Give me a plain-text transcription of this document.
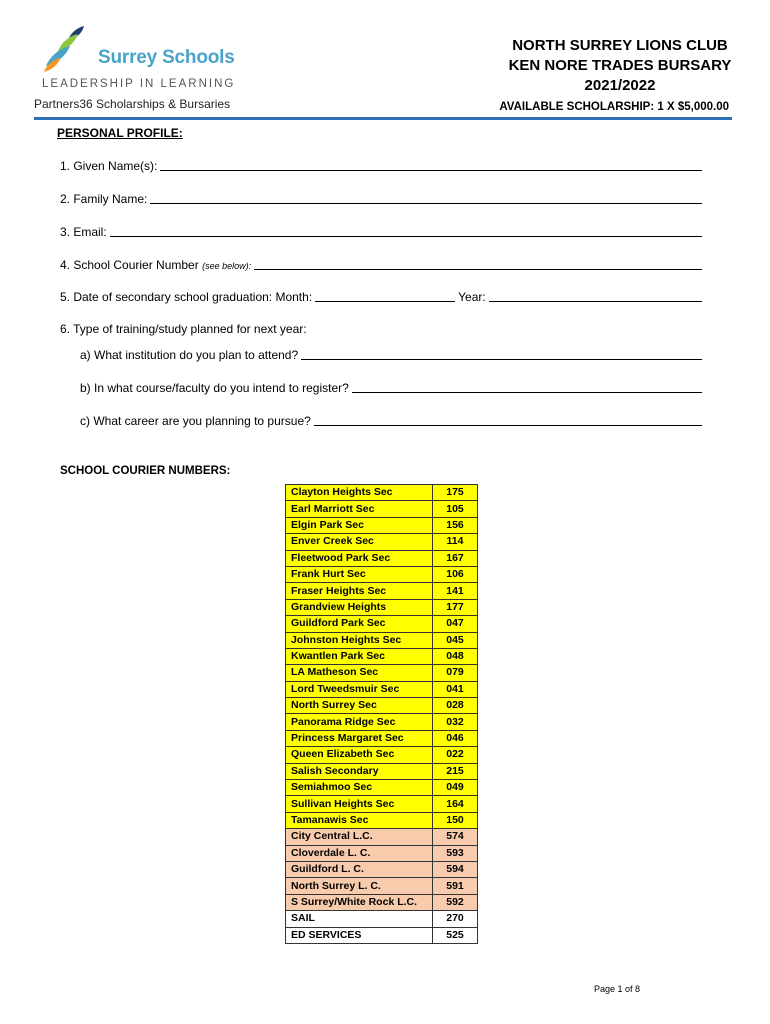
Surrey Schools
LEADERSHIP IN LEARNING
Partners36 Scholarships & Bursaries
NORTH SURREY LIONS CLUB
KEN NORE TRADES BURSARY
2021/2022
AVAILABLE SCHOLARSHIP: 1 X $5,000.00
PERSONAL PROFILE:
1. Given Name(s):
2. Family Name:
3. Email:
4. School Courier Number (see below):
5. Date of secondary school graduation: Month:	Year:
6. Type of training/study planned for next year:
a) What institution do you plan to attend?
b) In what course/faculty do you intend to register?
c) What career are you planning to pursue?
SCHOOL COURIER NUMBERS:
Clayton Heights Sec	175
Earl Marriott Sec	105
Elgin Park Sec	156
Enver Creek Sec	114
Fleetwood Park Sec	167
Frank Hurt Sec	106
Fraser Heights Sec	141
Grandview Heights	177
Guildford Park Sec	047
Johnston Heights Sec	045
Kwantlen Park Sec	048
LA Matheson Sec	079
Lord Tweedsmuir Sec	041
North Surrey Sec	028
Panorama Ridge Sec	032
Princess Margaret Sec	046
Queen Elizabeth Sec	022
Salish Secondary	215
Semiahmoo Sec	049
Sullivan Heights Sec	164
Tamanawis Sec	150
City Central L.C.	574
Cloverdale L. C.	593
Guildford L. C.	594
North Surrey L. C.	591
S Surrey/White Rock L.C.	592
SAIL	270
ED SERVICES	525
Page 1 of 8
